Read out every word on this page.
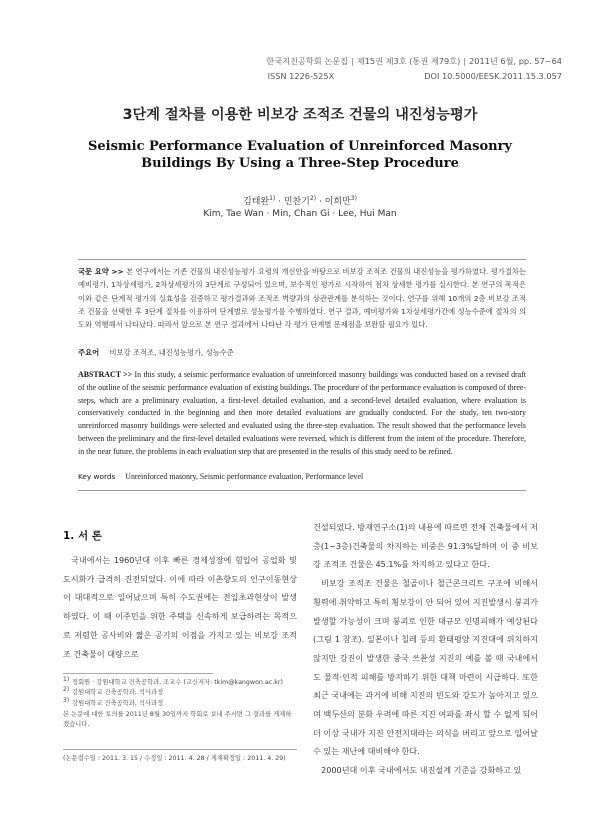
한국지진공학회 논문집 | 제15권 제3호 (통권 제79호) | 2011년 6월, pp. 57~64
ISSN 1226-525X	DOI 10.5000/EESK.2011.15.3.057
3단계 절차를 이용한 비보강 조적조 건물의 내진성능평가
Seismic Performance Evaluation of Unreinforced Masonry Buildings By Using a Three-Step Procedure
김태완$^{1)}$ · 민찬기$^{2)}$ · 이희만$^{3)}$
Kim, Tae Wan · Min, Chan Gi · Lee, Hui Man
국문 요약 >> 본 연구에서는 기존 건물의 내진성능평가 요령의 개선안을 바탕으로 비보강 조적조 건물의 내진성능을 평가하였다. 평가절차는 예비평가, 1차상세평가, 2차상세평가의 3단계로 구성되어 있으며, 보수적인 평가로 시작하여 점차 상세한 평가를 실시한다. 본 연구의 목적은 이와 같은 단계적 평가의 실효성을 검증하고 평가결과와 조적조 벽량과의 상관관계를 분석하는 것이다. 연구를 위해 10개의 2층 비보강 조적조 건물을 선택한 후 3단계 절차를 이용하여 단계별로 성능평가를 수행하였다. 연구 결과, 예비평가와 1차상세평가간에 성능수준에 절차의 의도와 역행해서 나타났다. 따라서 앞으로 본 연구 결과에서 나타난 각 평가 단계별 문제점을 보완할 필요가 있다.
주요어 비보강 조적조, 내진성능평가, 성능수준
ABSTRACT >> In this study, a seismic performance evaluation of unreinforced masonry buildings was conducted based on a revised draft of the outline of the seismic performance evaluation of existing buildings. The procedure of the performance evaluation is composed of three-steps, which are a preliminary evaluation, a first-level detailed evaluation, and a second-level detailed evaluation, where evaluation is conservatively conducted in the beginning and then more detailed evaluations are gradually conducted. For the study, ten two-story unreinforced masonry buildings were selected and evaluated using the three-step evaluation. The result showed that the performance levels between the preliminary and the first-level detailed evaluations were reversed, which is different from the intent of the procedure. Therefore, in the near future, the problems in each evaluation step that are presented in the results of this study need to be refined.
Key words Unreinforced masonry, Seismic performance evaluation, Performance level
1. 서 론

국내에서는 1960년대 이후 빠른 경제성장에 힘입어 공업화 및 도시화가 급격히 진전되었다. 이에 따라 이촌향도의 인구이동현상이 대대적으로 일어났으며 특히 수도권에는 전입초과현상이 발생하였다. 이 때 이주민을 위한 주택을 신속하게 보급하려는 목적으로 저렴한 공사비와 짧은 공기의 이점을 가지고 있는 비보강 조적조 건축물이 대량으로

건설되었다. 방재연구소(1)의 내용에 따르면 전체 건축물에서 저층(1~3층)건축물의 차지하는 비중은 91.3%달하며 이 중 비보강 조적조 건물은 45.1%를 차지하고 있다고 한다.

비보강 조적조 건물은 철골이나 철근콘크리트 구조에 비해서 횡력에 취약하고 특히 횡보강이 안 되어 있어 지진발생시 붕괴가 발생할 가능성이 크며 붕괴로 인한 대규모 인명피해가 예상된다(그림 1 참조). 일본이나 칠레 등의 환태평양 지진대에 위치하지 않지만 강진이 발생한 중국 쓰촨성 지진의 예를 볼 때 국내에서도 물적·인적 피해를 방지하기 위한 대책 마련이 시급하다. 또한 최근 국내에는 과거에 비해 지진의 빈도와 강도가 높아지고 있으며 백두산의 분화 우려에 따른 지진 여파를 좌시 할 수 없게 되어 더 이상 국내가 지진 안전지대라는 의식을 버리고 앞으로 일어날 수 있는 재난에 대비해야 한다.

2000년대 이후 국내에서도 내진설계 기준을 강화하고 있

1) 정회원 · 강원대학교 건축공학과, 조교수 (교신저자: tkim@kangwon.ac.kr)
2) 강원대학교 건축공학과, 석사과정
3) 강원대학교 건축공학과, 석사과정
본 논문에 대한 토의를 2011년 8월 30일까지 학회로 보내 주시면 그 결과를 게재하겠습니다.
(논문접수일 : 2011. 3. 15 / 수정일 : 2011. 4. 28 / 게재확정일 : 2011. 4. 29)
